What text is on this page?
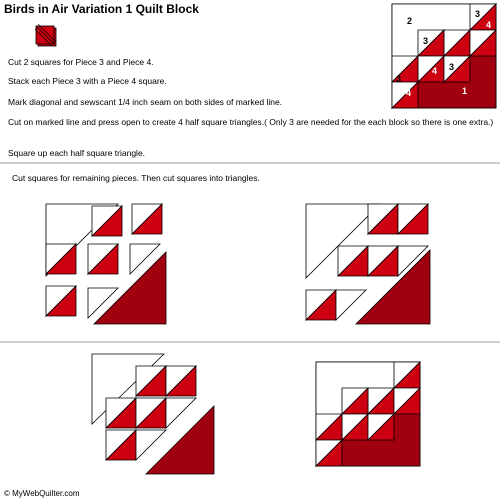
Birds in Air Variation 1 Quilt Block
Cut 2 squares for Piece 3 and Piece 4.
Stack each Piece 3 with a Piece 4 square.
Mark diagonal and sewscant 1/4 inch seam on both sides of marked line.
Cut on marked line and press open to create 4 half square triangles.( Only 3 are needed for the each block so there is one extra.)
Square up each half square triangle.
2
3
4
4 4
3
4 3
3
4	1
Cut squares for remaining pieces. Then cut squares into triangles.
© MyWebQuilter.com
